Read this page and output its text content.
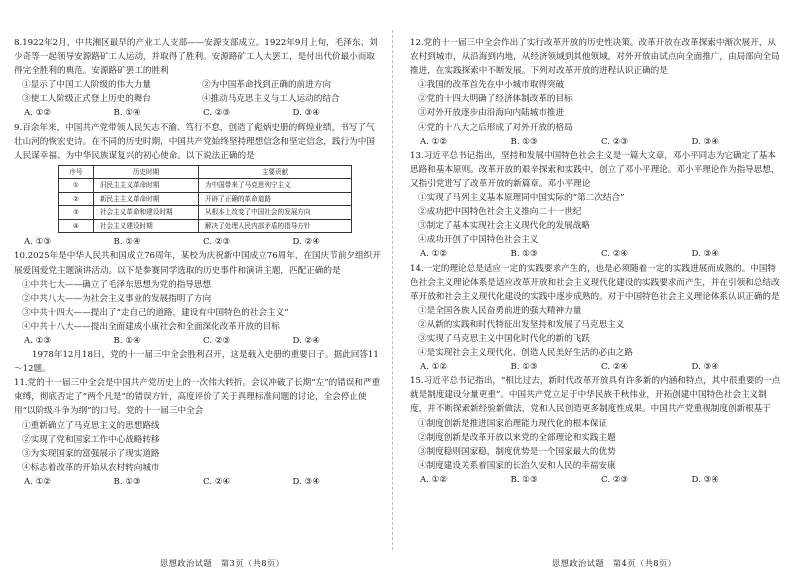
8.1922年2月，中共湘区最早的产业工人支部——安源支部成立。1922年9月上旬，毛泽东、刘少奇等一起领导安源路矿工人运动，并取得了胜利。安源路矿工人大罢工，是付出代价最小而取得完全胜利的典范。安源路矿罢工的胜利
①显示了中国工人阶级的伟大力量	②为中国革命找到正确的前进方向
③使工人阶级正式登上历史的舞台	④推动马克思主义与工人运动的结合
A. ①②	B. ①④	C. ②③	D. ③④
9.百余年来，中国共产党带领人民矢志不渝、笃行不怠，创造了彪炳史册的辉煌业绩，书写了气壮山河的恢宏史诗。在不同的历史时期，中国共产党始终坚持理想信念和坚定信念，践行为中国人民谋幸福、为中华民族谋复兴的初心使命。以下说法正确的是
序号	历史时期	主要贡献
①	旧民主主义革命时期	为中国带来了马克思列宁主义
②	新民主主义革命时期	开辟了正确的革命道路
③	社会主义革命和建设时期	从根本上改变了中国社会的发展方向
④	社会主义建设时期	解决了处理人民内部矛盾的指导方针
A. ①③	B. ①④	C. ②③	D. ②④
10.2025年是中华人民共和国成立76周年，某校为庆祝新中国成立76周年，在国庆节前夕组织开展爱国爱党主题演讲活动。以下是参赛同学选取的历史事件和演讲主题，匹配正确的是
①中共七大——确立了毛泽东思想为党的指导思想
②中共八大——为社会主义事业的发展指明了方向
③中共十四大——提出了“走自己的道路，建设有中国特色的社会主义”
④中共十八大——提出全面建成小康社会和全面深化改革开放的目标
A. ①③	B. ①④	C. ②③	D. ②④
1978年12月18日，党的十一届三中全会胜利召开，这是载入史册的重要日子。据此回答11～12题。
11.党的十一届三中全会是中国共产党历史上的一次伟大转折。会议冲破了长期“左”的错误和严重束缚，彻底否定了“两个凡是”的错误方针，高度评价了关于真理标准问题的讨论，全会停止使用“以阶级斗争为纲”的口号。党的十一届三中全会
①重新确立了马克思主义的思想路线
②实现了党和国家工作中心战略转移
③为实现国家的富强展示了现实道路
④标志着改革的开始从农村转向城市
A. ①②	B. ①③	C. ②④	D. ③④
思想政治试题　第3页（共8页）
12.党的十一届三中全会作出了实行改革开放的历史性决策。改革开放在改革探索中渐次展开，从农村到城市，从沿海到内地，从经济领域到其他领域，对外开放由试点向全面推广，由局部向全局推进，在实践探索中不断发展。下列对改革开放的进程认识正确的是
①我国的改革首先在中小城市取得突破
②党的十四大明确了经济体制改革的目标
③对外开放逐步由沿海向内陆城市推进
④党的十八大之后形成了对外开放的格局
A. ①②	B. ①③	C. ②③	D. ③④
13.习近平总书记指出，坚持和发展中国特色社会主义是一篇大文章，邓小平同志为它确定了基本思路和基本原则。改革开放的艰辛探索和实践中，创立了邓小平理论。邓小平理论作为指导思想，又指引党进写了改革开放的新篇章。邓小平理论
①实现了马列主义基本原理同中国实际的“第二次结合”
②成功把中国特色社会主义推向二十一世纪
③制定了基本实现社会主义现代化的发展战略
④成功开创了中国特色社会主义
A. ①②	B. ①③	C. ②④	D. ③④
14.一定的理论总是适应一定的实践要求产生的，也是必须随着一定的实践进展而成熟的。中国特色社会主义理论体系是适应改革开放和社会主义现代化建设的实践要求而产生，并在引领和总结改革开放和社会主义现代化建设的实践中逐步成熟的。对于中国特色社会主义理论体系认识正确的是
①是全国各族人民奋勇前进的强大精神力量
②从新的实践和时代特征出发坚持和发展了马克思主义
③实现了马克思主义中国化时代化的新的飞跃
④是实现社会主义现代化、创造人民美好生活的必由之路
A. ①②	B. ①③	C. ②④	D. ③④
15.习近平总书记指出，“相比过去，新时代改革开放具有许多新的内涵和特点，其中很重要的一点就是制度建设分量更重”。中国共产党立足于中华民族千秋伟业，开拓创建中国特色社会主义制度，并不断探索新经验新做法，党和人民创造更多制度性成果。中国共产党重视制度创新根基于
①制度创新是推进国家治理能力现代化的根本保证
②制度创新是改革开放以来党的全部理论和实践主题
③制度稳则国家稳，制度优势是一个国家最大的优势
④制度建设关系着国家的长治久安和人民的幸福安康
A. ①②	B. ①③	C. ②③	D. ③④
思想政治试题　第4页（共8页）
